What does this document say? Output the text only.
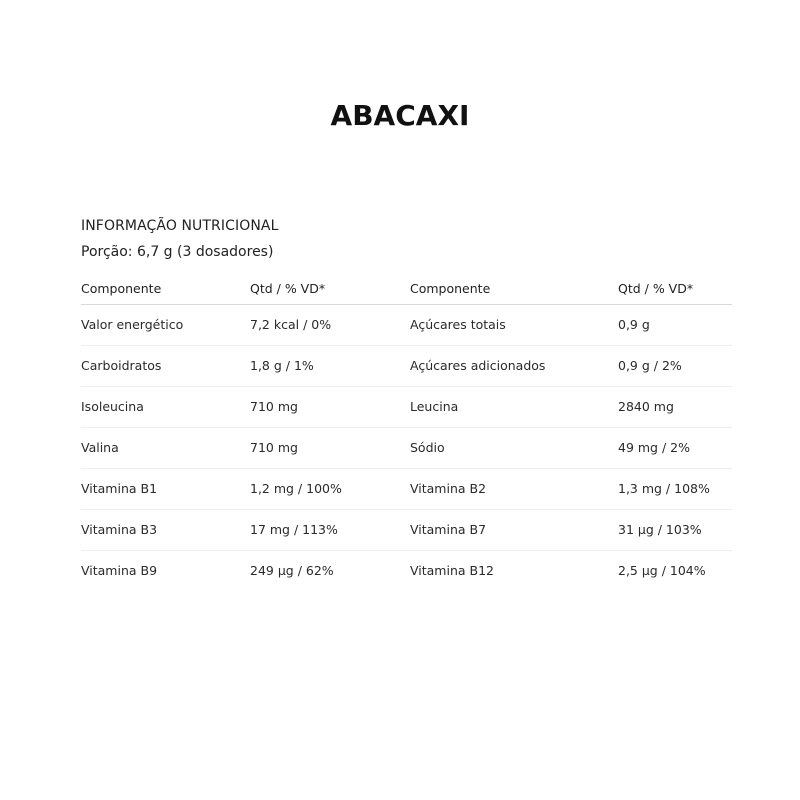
ABACAXI

INFORMAÇÃO NUTRICIONAL

Porção: 6,7 g (3 dosadores)

Componente	Qtd / % VD*	Componente	Qtd / % VD*
Valor energético	7,2 kcal / 0%	Açúcares totais	0,9 g
Carboidratos	1,8 g / 1%	Açúcares adicionados	0,9 g / 2%
Isoleucina	710 mg	Leucina	2840 mg
Valina	710 mg	Sódio	49 mg / 2%
Vitamina B1	1,2 mg / 100%	Vitamina B2	1,3 mg / 108%
Vitamina B3	17 mg / 113%	Vitamina B7	31 µg / 103%
Vitamina B9	249 µg / 62%	Vitamina B12	2,5 µg / 104%
